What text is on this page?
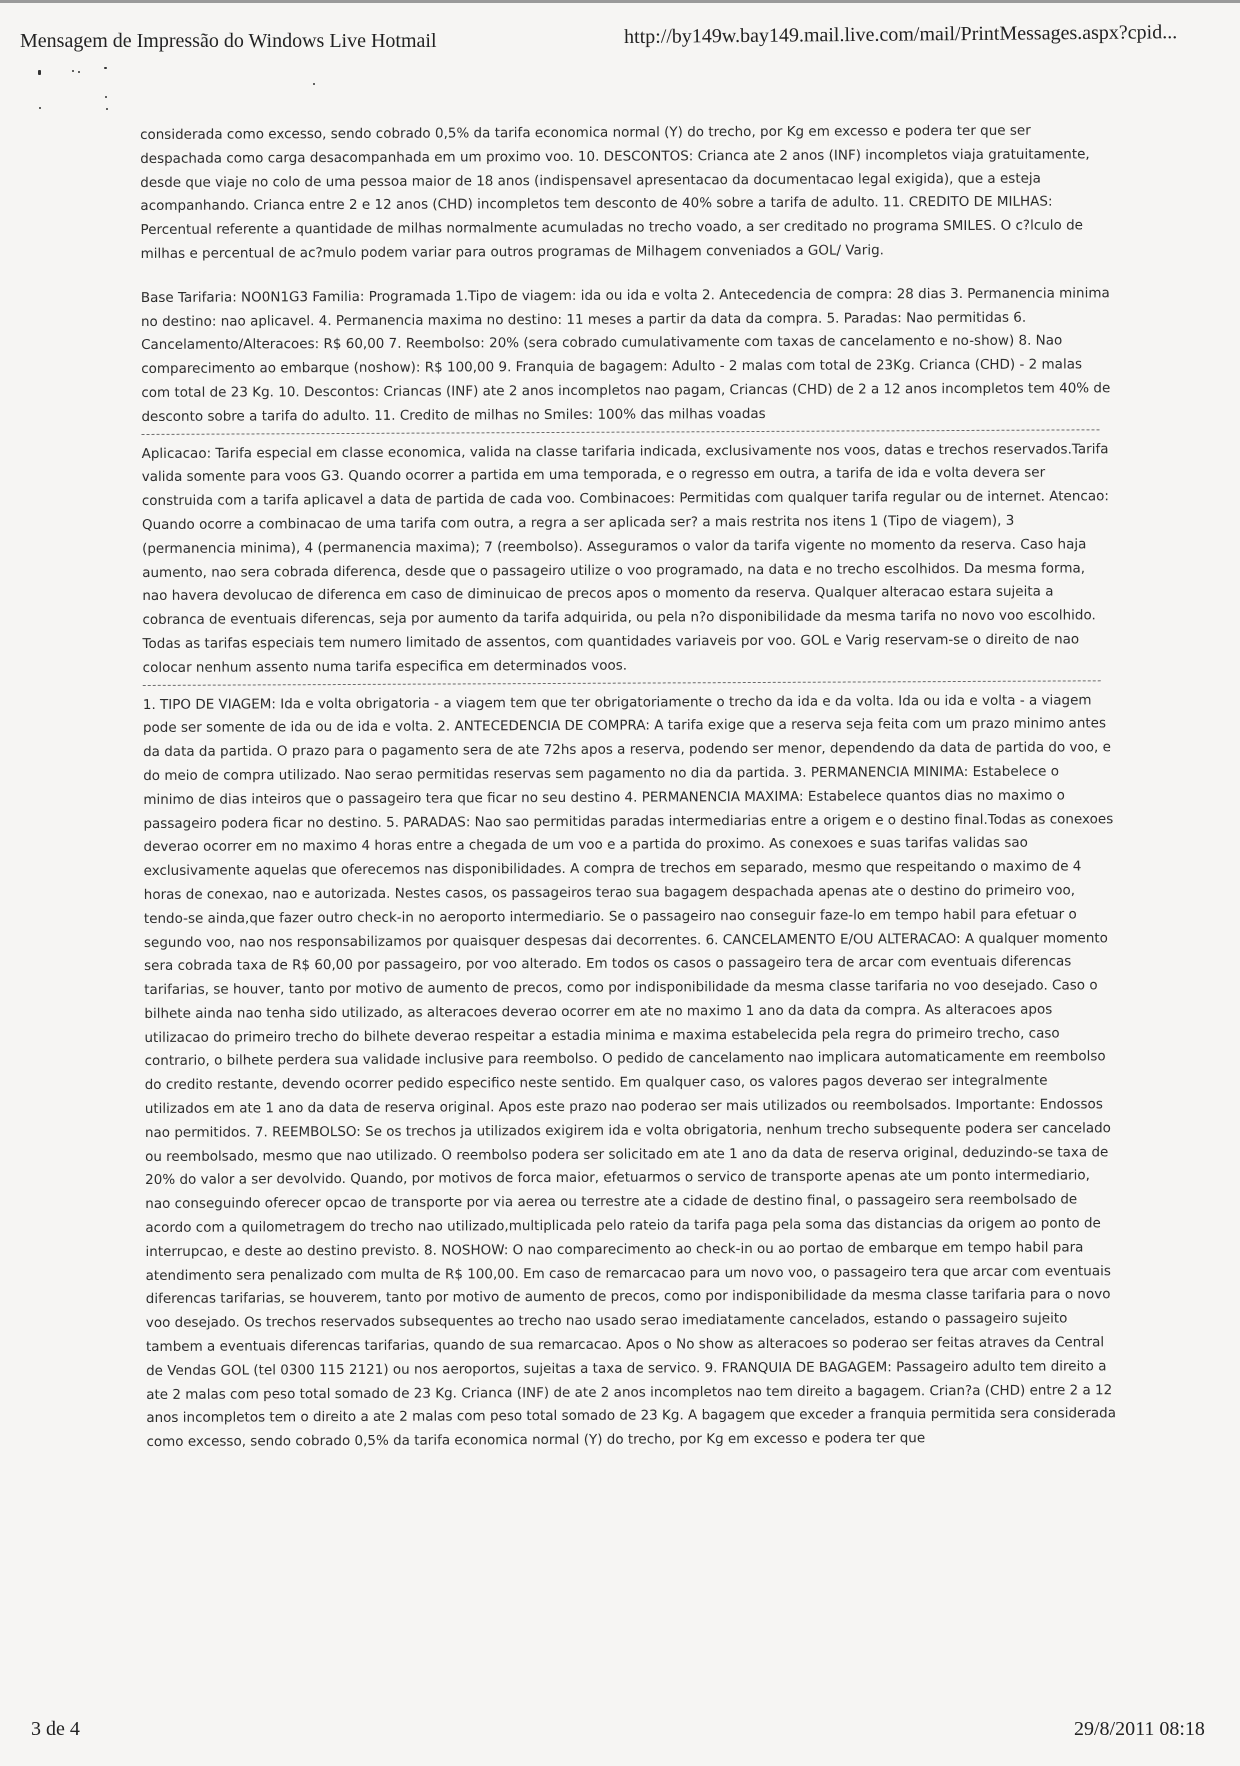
Mensagem de Impressão do Windows Live Hotmail	http://by149w.bay149.mail.live.com/mail/PrintMessages.aspx?cpid...

considerada como excesso, sendo cobrado 0,5% da tarifa economica normal (Y) do trecho, por Kg em excesso e podera ter que ser despachada como carga desacompanhada em um proximo voo. 10. DESCONTOS: Crianca ate 2 anos (INF) incompletos viaja gratuitamente, desde que viaje no colo de uma pessoa maior de 18 anos (indispensavel apresentacao da documentacao legal exigida), que a esteja acompanhando. Crianca entre 2 e 12 anos (CHD) incompletos tem desconto de 40% sobre a tarifa de adulto. 11. CREDITO DE MILHAS: Percentual referente a quantidade de milhas normalmente acumuladas no trecho voado, a ser creditado no programa SMILES. O c?lculo de milhas e percentual de ac?mulo podem variar para outros programas de Milhagem conveniados a GOL/ Varig.

Base Tarifaria: NO0N1G3 Familia: Programada 1.Tipo de viagem: ida ou ida e volta 2. Antecedencia de compra: 28 dias 3. Permanencia minima no destino: nao aplicavel. 4. Permanencia maxima no destino: 11 meses a partir da data da compra. 5. Paradas: Nao permitidas 6. Cancelamento/Alteracoes: R$ 60,00 7. Reembolso: 20% (sera cobrado cumulativamente com taxas de cancelamento e no-show) 8. Nao comparecimento ao embarque (noshow): R$ 100,00 9. Franquia de bagagem: Adulto - 2 malas com total de 23Kg. Crianca (CHD) - 2 malas com total de 23 Kg. 10. Descontos: Criancas (INF) ate 2 anos incompletos nao pagam, Criancas (CHD) de 2 a 12 anos incompletos tem 40% de desconto sobre a tarifa do adulto. 11. Credito de milhas no Smiles: 100% das milhas voadas

Aplicacao: Tarifa especial em classe economica, valida na classe tarifaria indicada, exclusivamente nos voos, datas e trechos reservados.Tarifa valida somente para voos G3. Quando ocorrer a partida em uma temporada, e o regresso em outra, a tarifa de ida e volta devera ser construida com a tarifa aplicavel a data de partida de cada voo. Combinacoes: Permitidas com qualquer tarifa regular ou de internet. Atencao: Quando ocorre a combinacao de uma tarifa com outra, a regra a ser aplicada ser? a mais restrita nos itens 1 (Tipo de viagem), 3 (permanencia minima), 4 (permanencia maxima); 7 (reembolso). Asseguramos o valor da tarifa vigente no momento da reserva. Caso haja aumento, nao sera cobrada diferenca, desde que o passageiro utilize o voo programado, na data e no trecho escolhidos. Da mesma forma, nao havera devolucao de diferenca em caso de diminuicao de precos apos o momento da reserva. Qualquer alteracao estara sujeita a cobranca de eventuais diferencas, seja por aumento da tarifa adquirida, ou pela n?o disponibilidade da mesma tarifa no novo voo escolhido. Todas as tarifas especiais tem numero limitado de assentos, com quantidades variaveis por voo. GOL e Varig reservam-se o direito de nao colocar nenhum assento numa tarifa especifica em determinados voos.

1. TIPO DE VIAGEM: Ida e volta obrigatoria - a viagem tem que ter obrigatoriamente o trecho da ida e da volta. Ida ou ida e volta - a viagem pode ser somente de ida ou de ida e volta. 2. ANTECEDENCIA DE COMPRA: A tarifa exige que a reserva seja feita com um prazo minimo antes da data da partida. O prazo para o pagamento sera de ate 72hs apos a reserva, podendo ser menor, dependendo da data de partida do voo, e do meio de compra utilizado. Nao serao permitidas reservas sem pagamento no dia da partida. 3. PERMANENCIA MINIMA: Estabelece o minimo de dias inteiros que o passageiro tera que ficar no seu destino 4. PERMANENCIA MAXIMA: Estabelece quantos dias no maximo o passageiro podera ficar no destino. 5. PARADAS: Nao sao permitidas paradas intermediarias entre a origem e o destino final.Todas as conexoes deverao ocorrer em no maximo 4 horas entre a chegada de um voo e a partida do proximo. As conexoes e suas tarifas validas sao exclusivamente aquelas que oferecemos nas disponibilidades. A compra de trechos em separado, mesmo que respeitando o maximo de 4 horas de conexao, nao e autorizada. Nestes casos, os passageiros terao sua bagagem despachada apenas ate o destino do primeiro voo, tendo-se ainda,que fazer outro check-in no aeroporto intermediario. Se o passageiro nao conseguir faze-lo em tempo habil para efetuar o segundo voo, nao nos responsabilizamos por quaisquer despesas dai decorrentes. 6. CANCELAMENTO E/OU ALTERACAO: A qualquer momento sera cobrada taxa de R$ 60,00 por passageiro, por voo alterado. Em todos os casos o passageiro tera de arcar com eventuais diferencas tarifarias, se houver, tanto por motivo de aumento de precos, como por indisponibilidade da mesma classe tarifaria no voo desejado. Caso o bilhete ainda nao tenha sido utilizado, as alteracoes deverao ocorrer em ate no maximo 1 ano da data da compra. As alteracoes apos utilizacao do primeiro trecho do bilhete deverao respeitar a estadia minima e maxima estabelecida pela regra do primeiro trecho, caso contrario, o bilhete perdera sua validade inclusive para reembolso. O pedido de cancelamento nao implicara automaticamente em reembolso do credito restante, devendo ocorrer pedido especifico neste sentido. Em qualquer caso, os valores pagos deverao ser integralmente utilizados em ate 1 ano da data de reserva original. Apos este prazo nao poderao ser mais utilizados ou reembolsados. Importante: Endossos nao permitidos. 7. REEMBOLSO: Se os trechos ja utilizados exigirem ida e volta obrigatoria, nenhum trecho subsequente podera ser cancelado ou reembolsado, mesmo que nao utilizado. O reembolso podera ser solicitado em ate 1 ano da data de reserva original, deduzindo-se taxa de 20% do valor a ser devolvido. Quando, por motivos de forca maior, efetuarmos o servico de transporte apenas ate um ponto intermediario, nao conseguindo oferecer opcao de transporte por via aerea ou terrestre ate a cidade de destino final, o passageiro sera reembolsado de acordo com a quilometragem do trecho nao utilizado,multiplicada pelo rateio da tarifa paga pela soma das distancias da origem ao ponto de interrupcao, e deste ao destino previsto. 8. NOSHOW: O nao comparecimento ao check-in ou ao portao de embarque em tempo habil para atendimento sera penalizado com multa de R$ 100,00. Em caso de remarcacao para um novo voo, o passageiro tera que arcar com eventuais diferencas tarifarias, se houverem, tanto por motivo de aumento de precos, como por indisponibilidade da mesma classe tarifaria para o novo voo desejado. Os trechos reservados subsequentes ao trecho nao usado serao imediatamente cancelados, estando o passageiro sujeito tambem a eventuais diferencas tarifarias, quando de sua remarcacao. Apos o No show as alteracoes so poderao ser feitas atraves da Central de Vendas GOL (tel 0300 115 2121) ou nos aeroportos, sujeitas a taxa de servico. 9. FRANQUIA DE BAGAGEM: Passageiro adulto tem direito a ate 2 malas com peso total somado de 23 Kg. Crianca (INF) de ate 2 anos incompletos nao tem direito a bagagem. Crian?a (CHD) entre 2 a 12 anos incompletos tem o direito a ate 2 malas com peso total somado de 23 Kg. A bagagem que exceder a franquia permitida sera considerada como excesso, sendo cobrado 0,5% da tarifa economica normal (Y) do trecho, por Kg em excesso e podera ter que

3 de 4	29/8/2011 08:18
